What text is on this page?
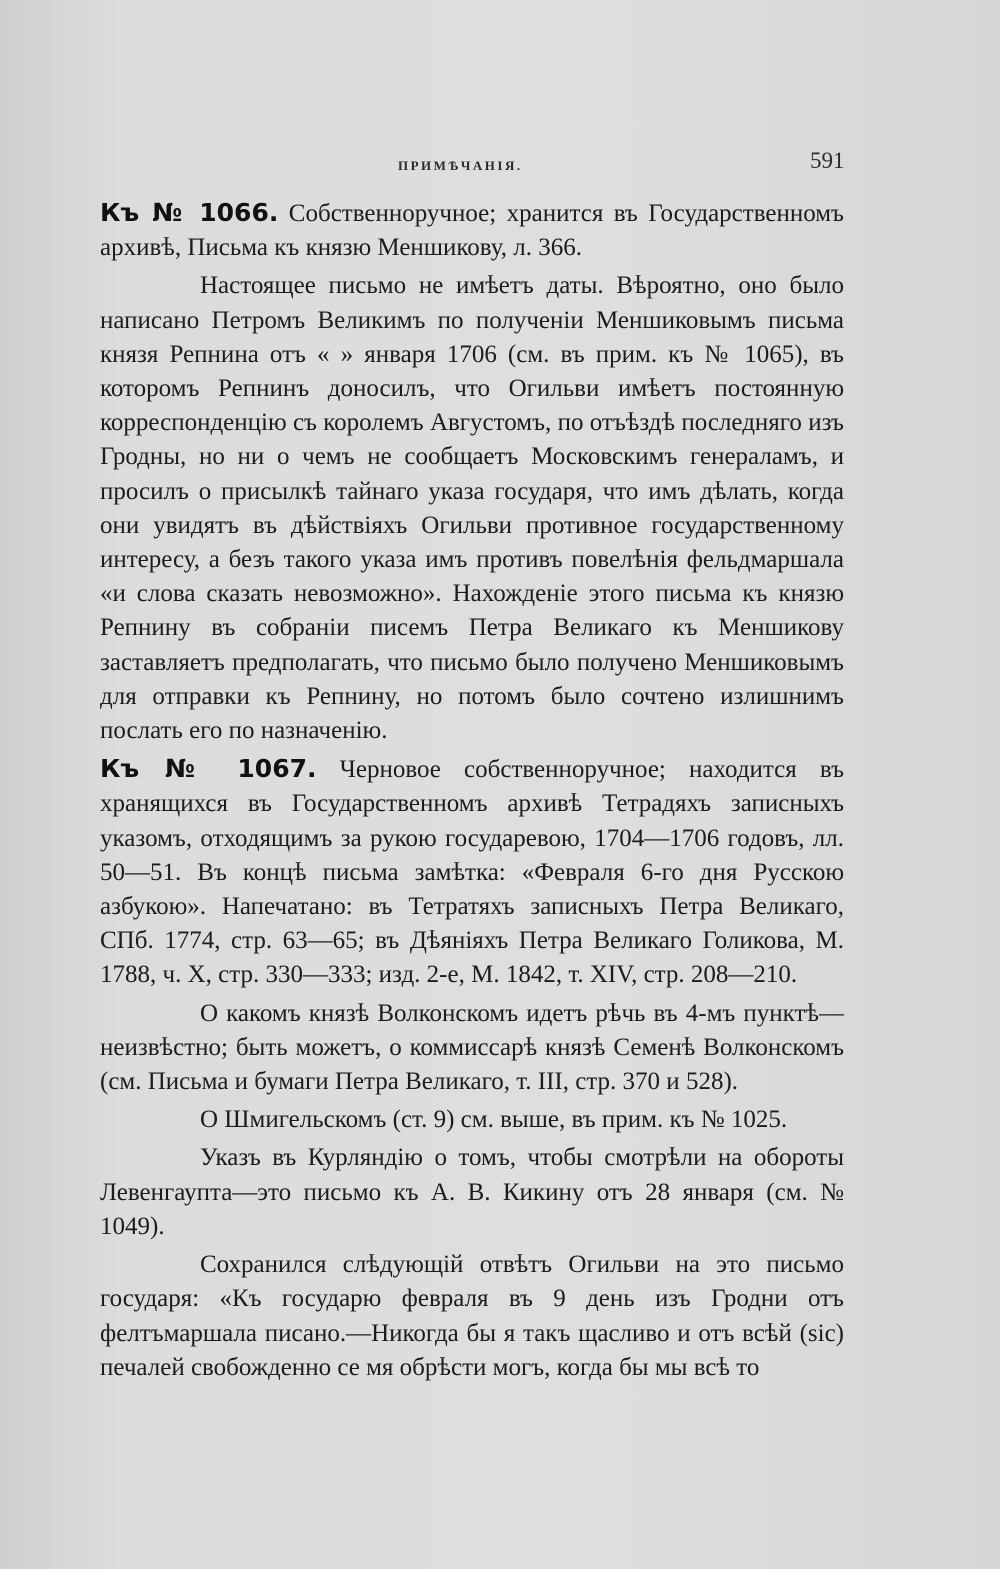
ПРИМѢЧАНІЯ.	591

Къ № 1066. Собственноручное; хранится въ Государственномъ архивѣ, Письма къ князю Меншикову, л. 366.

Настоящее письмо не имѣетъ даты. Вѣроятно, оно было написано Петромъ Великимъ по полученіи Меншиковымъ письма князя Репнина отъ « » января 1706 (см. въ прим. къ № 1065), въ которомъ Репнинъ доносилъ, что Огильви имѣетъ постоянную корреспонденцію съ королемъ Августомъ, по отъѣздѣ последняго изъ Гродны, но ни о чемъ не сообщаетъ Московскимъ генераламъ, и просилъ о присылкѣ тайнаго указа государя, что имъ дѣлать, когда они увидятъ въ дѣйствіяхъ Огильви противное государственному интересу, а безъ такого указа имъ противъ повелѣнія фельдмаршала «и слова сказать невозможно». Нахожденіе этого письма къ князю Репнину въ собраніи писемъ Петра Великаго къ Меншикову заставляетъ предполагать, что письмо было получено Меншиковымъ для отправки къ Репнину, но потомъ было сочтено излишнимъ послать его по назначенію.

Къ № 1067. Черновое собственноручное; находится въ хранящихся въ Государственномъ архивѣ Тетрадяхъ записныхъ указомъ, отходящимъ за рукою государевою, 1704—1706 годовъ, лл. 50—51. Въ концѣ письма замѣтка: «Февраля 6-го дня Русскою азбукою». Напечатано: въ Тетратяхъ записныхъ Петра Великаго, СПб. 1774, стр. 63—65; въ Дѣяніяхъ Петра Великаго Голикова, М. 1788, ч. X, стр. 330—333; изд. 2-е, М. 1842, т. XIV, стр. 208—210.

О какомъ князѣ Волконскомъ идетъ рѣчь въ 4-мъ пунктѣ—неизвѣстно; быть можетъ, о коммиссарѣ князѣ Семенѣ Волконскомъ (см. Письма и бумаги Петра Великаго, т. III, стр. 370 и 528).

О Шмигельскомъ (ст. 9) см. выше, въ прим. къ № 1025.

Указъ въ Курляндію о томъ, чтобы смотрѣли на обороты Левенгаупта—это письмо къ А. В. Кикину отъ 28 января (см. № 1049).

Сохранился слѣдующій отвѣтъ Огильви на это письмо государя: «Къ государю февраля въ 9 день изъ Гродни отъ фелтъмаршала писано.—Никогда бы я такъ щасливо и отъ всѣй (sic) печалей свобожденно се мя обрѣсти могъ, когда бы мы всѣ то
